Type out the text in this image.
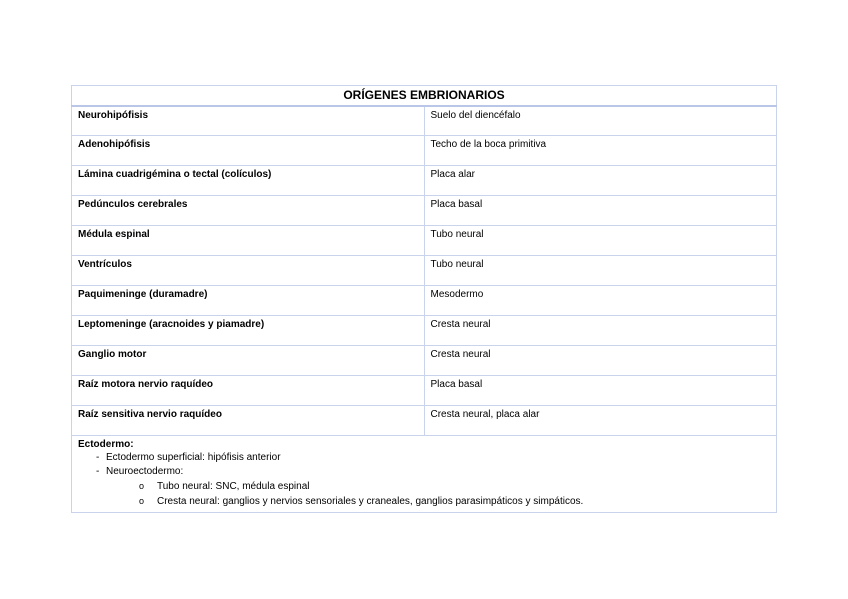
ORÍGENES EMBRIONARIOS	
Neurohipófisis	Suelo del diencéfalo
Adenohipófisis	Techo de la boca primitiva
Lámina cuadrigémina o tectal (colículos)	Placa alar
Pedúnculos cerebrales	Placa basal
Médula espinal	Tubo neural
Ventrículos	Tubo neural
Paquimeninge (duramadre)	Mesodermo
Leptomeninge (aracnoides y piamadre)	Cresta neural
Ganglio motor	Cresta neural
Raíz motora nervio raquídeo	Placa basal
Raíz sensitiva nervio raquídeo	Cresta neural, placa alar

Ectodermo:
- Ectodermo superficial: hipófisis anterior
- Neuroectodermo:
o Tubo neural: SNC, médula espinal
o Cresta neural: ganglios y nervios sensoriales y craneales, ganglios parasimpáticos y simpáticos.
